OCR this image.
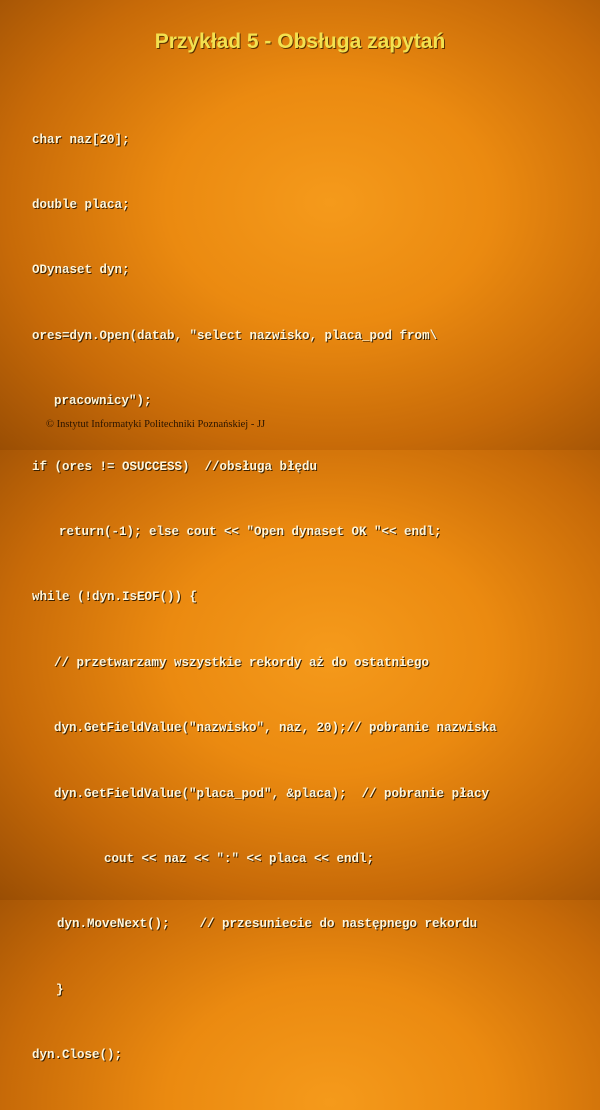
Przykład 5 - Obsługa zapytań

char naz[20];

double placa;

ODynaset dyn;

ores=dyn.Open(datab, "select nazwisko, placa_pod from\

pracownicy");

if (ores != OSUCCESS)  //obsługa błędu

return(-1); else cout << "Open dynaset OK "<< endl;

while (!dyn.IsEOF()) {

// przetwarzamy wszystkie rekordy aż do ostatniego

dyn.GetFieldValue("nazwisko", naz, 20);// pobranie nazwiska

dyn.GetFieldValue("placa_pod", &placa);  // pobranie płacy

cout << naz << ":" << placa << endl;

dyn.MoveNext();    // przesuniecie do następnego rekordu

}

dyn.Close();

© Instytut Informatyki Politechniki Poznańskiej - JJ
